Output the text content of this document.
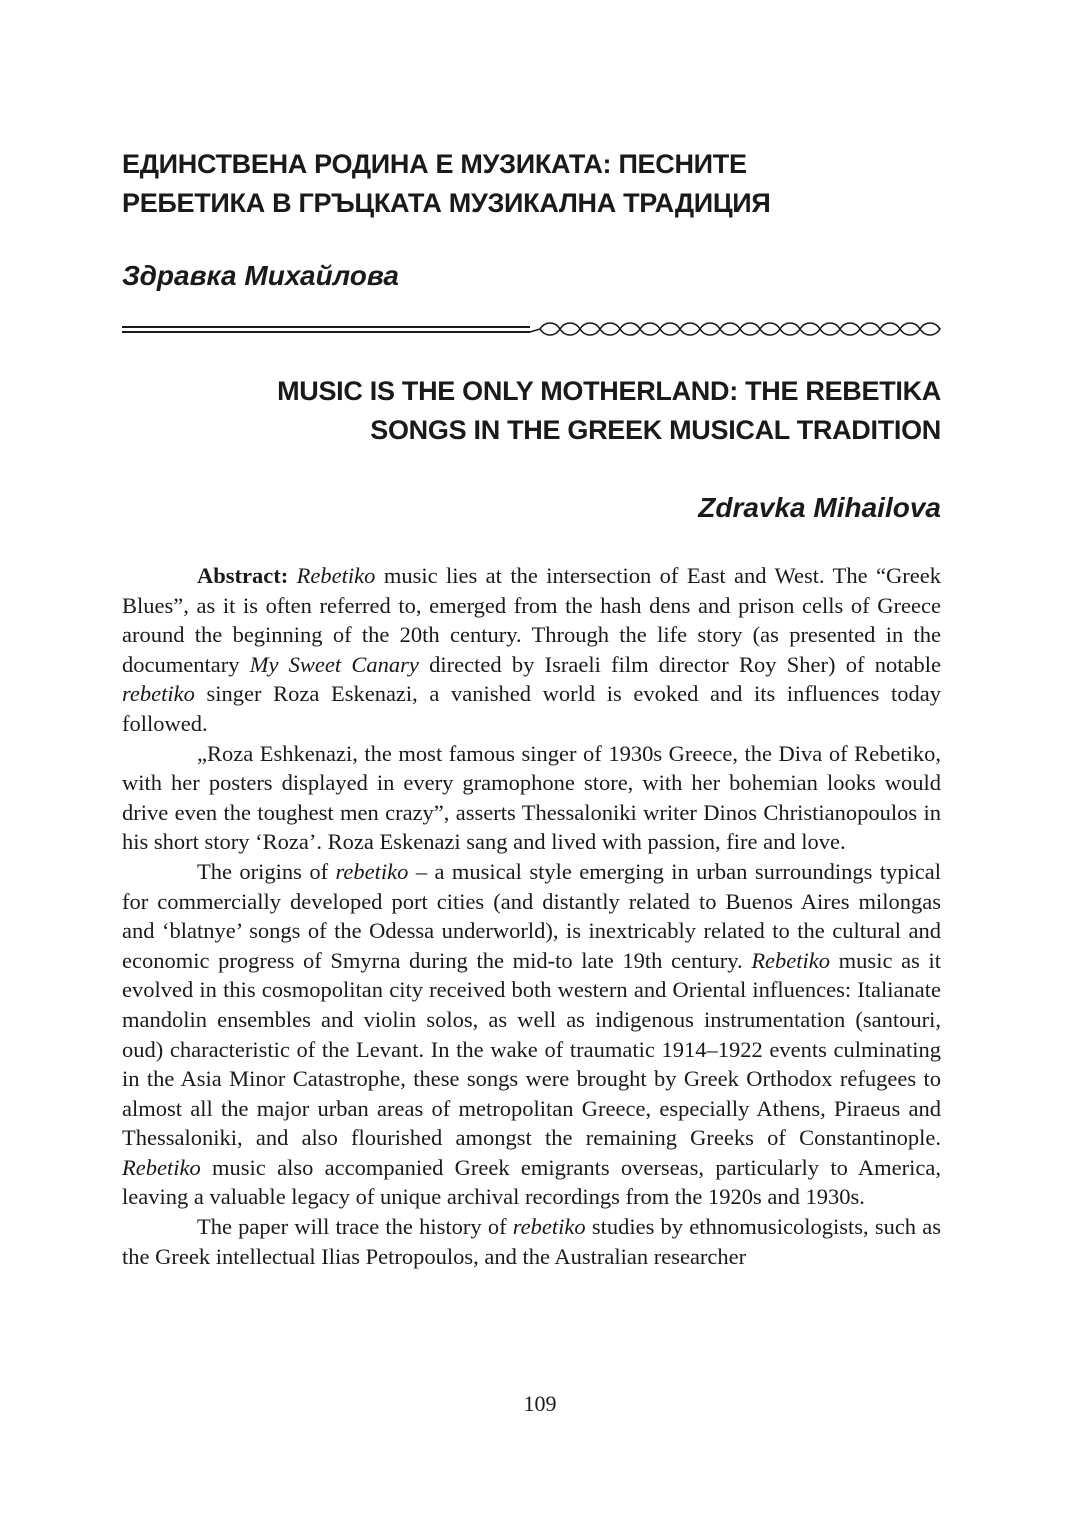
ЕДИНСТВЕНА РОДИНА Е МУЗИКАТА: ПЕСНИТЕ
РЕБЕТИКА В ГРЪЦКАТА МУЗИКАЛНА ТРАДИЦИЯ
Здравка Михайлова
MUSIC IS THE ONLY MOTHERLAND: THE REBETIKA
SONGS IN THE GREEK MUSICAL TRADITION
Zdravka Mihailova

Abstract: Rebetiko music lies at the intersection of East and West. The “Greek Blues”, as it is often referred to, emerged from the hash dens and prison cells of Greece around the beginning of the 20th century. Through the life story (as presented in the documentary My Sweet Canary directed by Israeli film director Roy Sher) of notable rebetiko singer Roza Eskenazi, a vanished world is evoked and its influences today followed.

„Roza Eshkenazi, the most famous singer of 1930s Greece, the Diva of Rebetiko, with her posters displayed in every gramophone store, with her bohemian looks would drive even the toughest men crazy”, asserts Thessaloniki writer Dinos Christianopoulos in his short story ‘Roza’. Roza Eskenazi sang and lived with passion, fire and love.

The origins of rebetiko – a musical style emerging in urban surroundings typical for commercially developed port cities (and distantly related to Buenos Aires milongas and ‘blatnye’ songs of the Odessa underworld), is inextricably related to the cultural and economic progress of Smyrna during the mid-to late 19th century. Rebetiko music as it evolved in this cosmopolitan city received both western and Oriental influences: Italianate mandolin ensembles and violin solos, as well as indigenous instrumentation (santouri, oud) characteristic of the Levant. In the wake of traumatic 1914–1922 events culminating in the Asia Minor Catastrophe, these songs were brought by Greek Orthodox refugees to almost all the major urban areas of metropolitan Greece, especially Athens, Piraeus and Thessaloniki, and also flourished amongst the remaining Greeks of Constantinople. Rebetiko music also accompanied Greek emigrants overseas, particularly to America, leaving a valuable legacy of unique archival recordings from the 1920s and 1930s.

The paper will trace the history of rebetiko studies by ethnomusicologists, such as the Greek intellectual Ilias Petropoulos, and the Australian researcher

109
